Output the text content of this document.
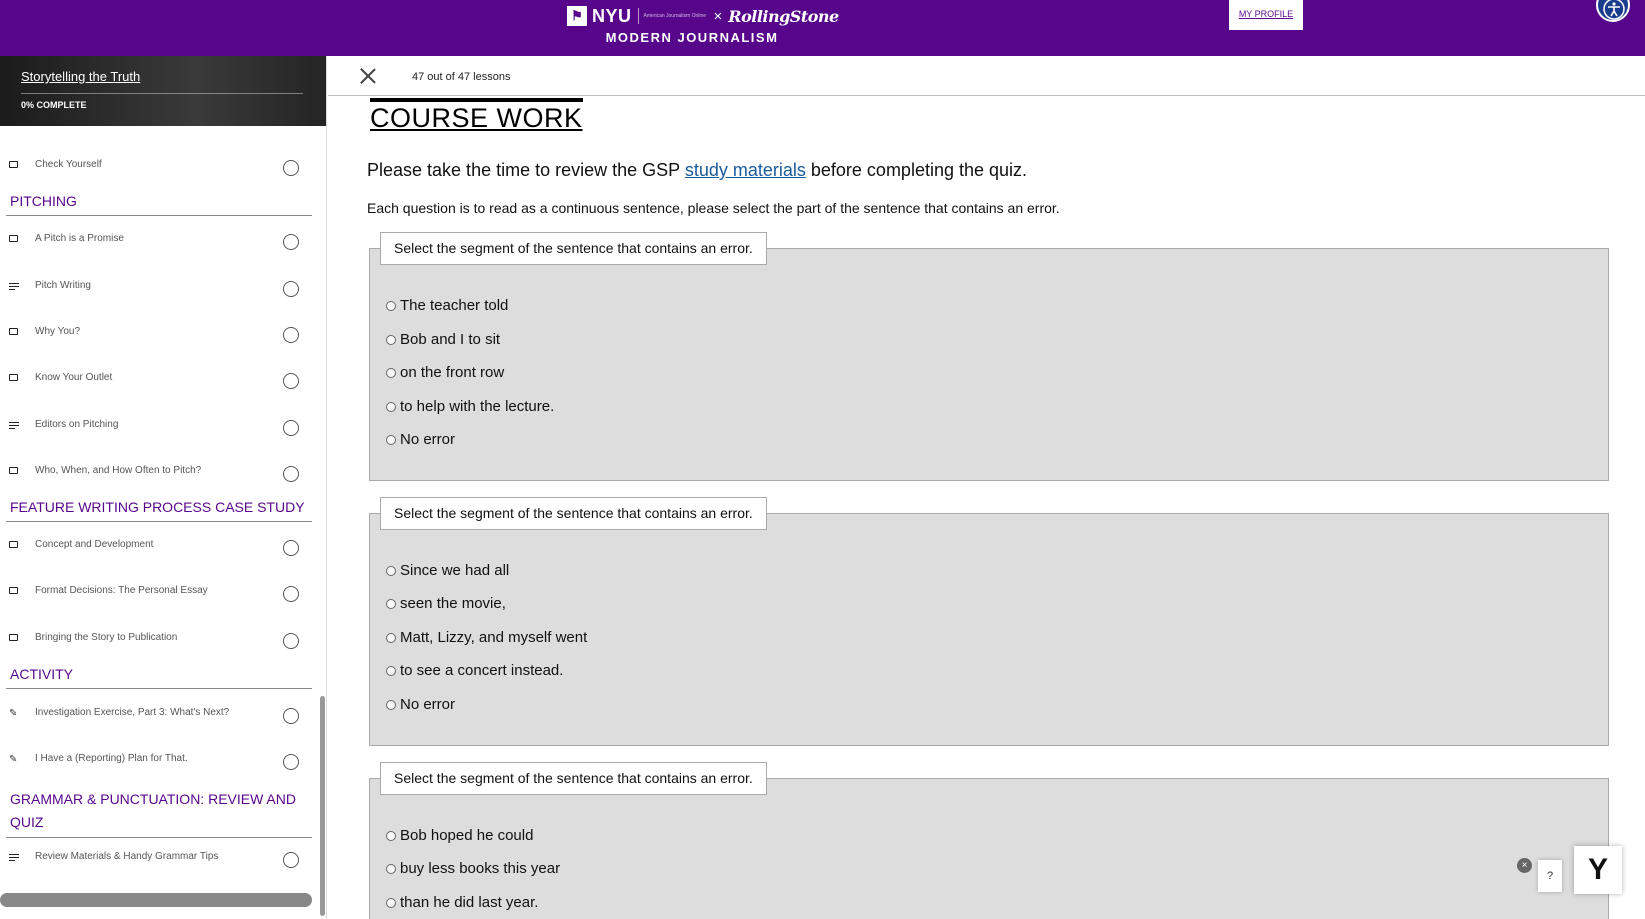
⚑ NYU American Journalism Online × RollingStone
MODERN JOURNALISM
MY PROFILE
Storytelling the Truth
0% COMPLETE
Check Yourself
PITCHING
A Pitch is a Promise
Pitch Writing
Why You?
Know Your Outlet
Editors on Pitching
Who, When, and How Often to Pitch?
FEATURE WRITING PROCESS CASE STUDY
Concept and Development
Format Decisions: The Personal Essay
Bringing the Story to Publication
ACTIVITY
✎ Investigation Exercise, Part 3: What's Next?
✎ I Have a (Reporting) Plan for That.
GRAMMAR & PUNCTUATION: REVIEW AND QUIZ
Review Materials & Handy Grammar Tips
47 out of 47 lessons
COURSE WORK
Please take the time to review the GSP study materials before completing the quiz.
Each question is to read as a continuous sentence, please select the part of the sentence that contains an error.
Select the segment of the sentence that contains an error.
The teacher told
Bob and I to sit
on the front row
to help with the lecture.
No error
Select the segment of the sentence that contains an error.
Since we had all
seen the movie,
Matt, Lizzy, and myself went
to see a concert instead.
No error
Select the segment of the sentence that contains an error.
Bob hoped he could
buy less books this year
than he did last year.
×
?	Y
